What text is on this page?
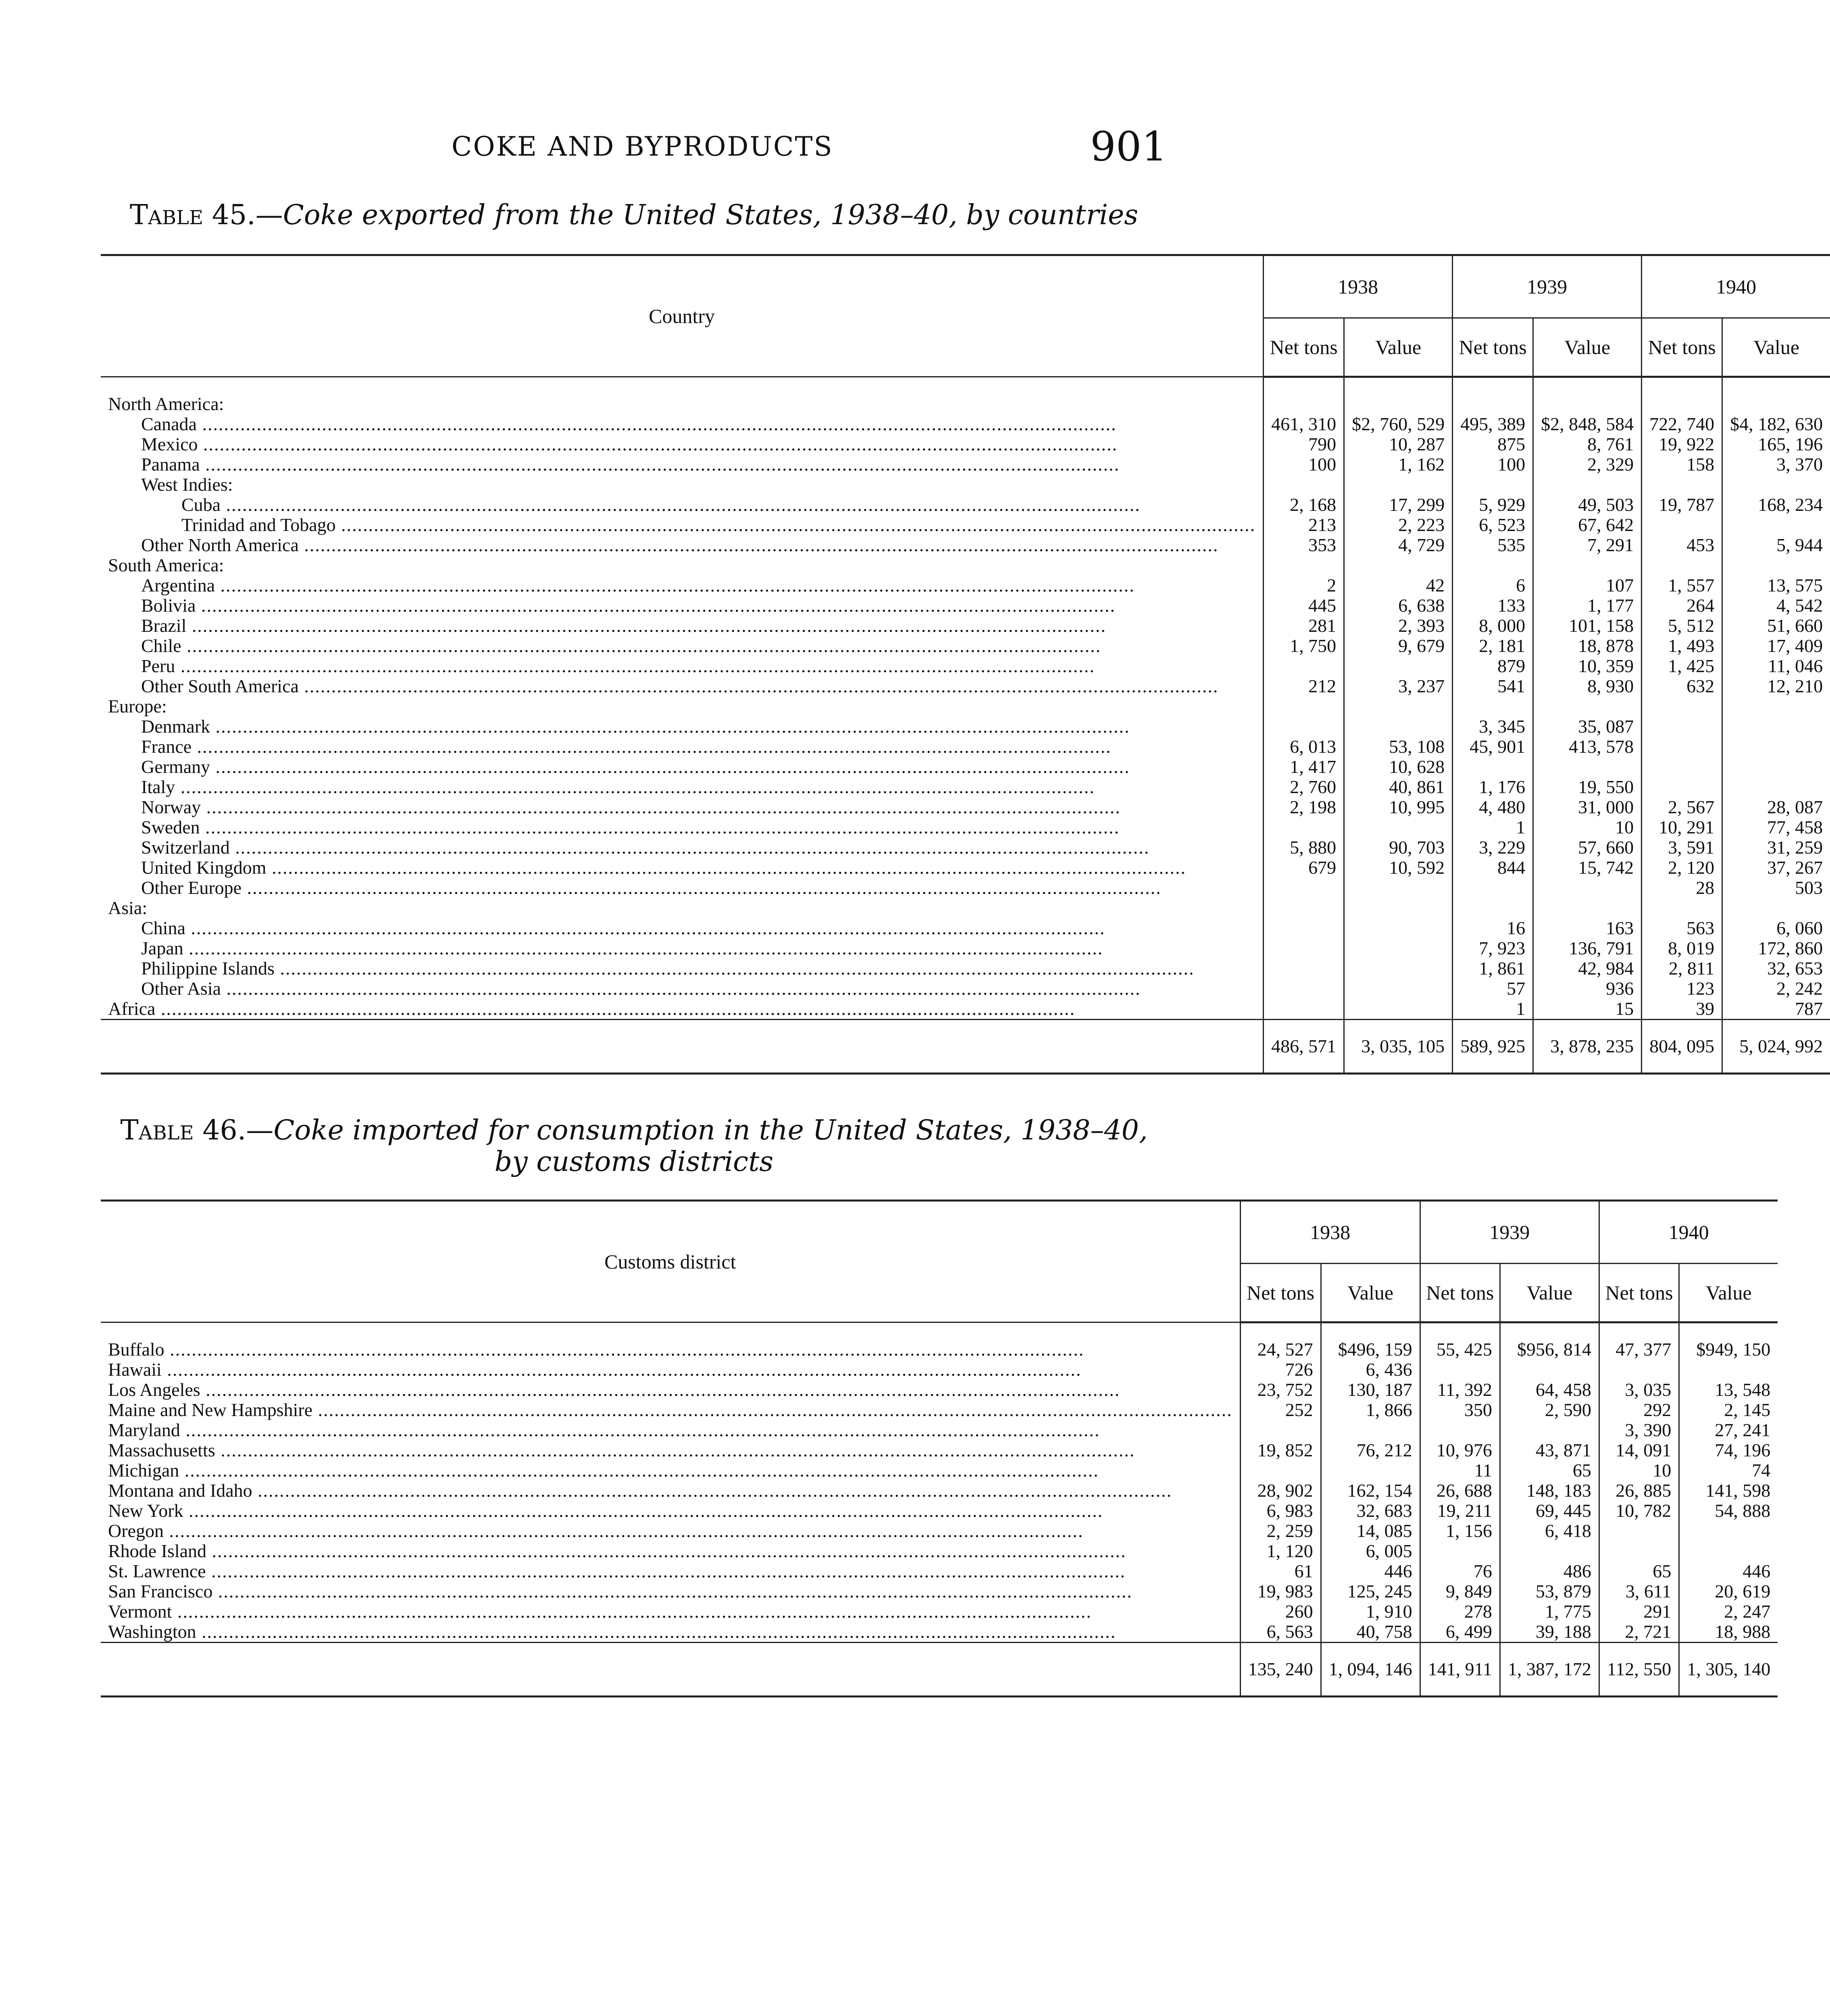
COKE AND BYPRODUCTS	901
Table 45.—Coke exported from the United States, 1938–40, by countries
Country	1938		1939		1940	
	Net tons	Value	Net tons	Value	Net tons	Value
North America:						
Canada .....	461, 310	$2, 760, 529	495, 389	$2, 848, 584	722, 740	$4, 182, 630
Mexico .....	790	10, 287	875	8, 761	19, 922	165, 196
Panama .....	100	1, 162	100	2, 329	158	3, 370
West Indies:						
Cuba .....	2, 168	17, 299	5, 929	49, 503	19, 787	168, 234
Trinidad and Tobago .....	213	2, 223	6, 523	67, 642		
Other North America .....	353	4, 729	535	7, 291	453	5, 944
South America:						
Argentina .....	2	42	6	107	1, 557	13, 575
Bolivia .....	445	6, 638	133	1, 177	264	4, 542
Brazil .....	281	2, 393	8, 000	101, 158	5, 512	51, 660
Chile .....	1, 750	9, 679	2, 181	18, 878	1, 493	17, 409
Peru .....			879	10, 359	1, 425	11, 046
Other South America .....	212	3, 237	541	8, 930	632	12, 210
Europe:						
Denmark .....			3, 345	35, 087		
France .....	6, 013	53, 108	45, 901	413, 578		
Germany .....	1, 417	10, 628				
Italy .....	2, 760	40, 861	1, 176	19, 550		
Norway .....	2, 198	10, 995	4, 480	31, 000	2, 567	28, 087
Sweden .....			1	10	10, 291	77, 458
Switzerland .....	5, 880	90, 703	3, 229	57, 660	3, 591	31, 259
United Kingdom .....	679	10, 592	844	15, 742	2, 120	37, 267
Other Europe .....					28	503
Asia:						
China .....			16	163	563	6, 060
Japan .....			7, 923	136, 791	8, 019	172, 860
Philippine Islands .....			1, 861	42, 984	2, 811	32, 653
Other Asia .....			57	936	123	2, 242
Africa .....			1	15	39	787
	486, 571	3, 035, 105	589, 925	3, 878, 235	804, 095	5, 024, 992
Table 46.—Coke imported for consumption in the United States, 1938–40, by customs districts
Customs district	1938		1939		1940	
	Net tons	Value	Net tons	Value	Net tons	Value
Buffalo .....	24, 527	$496, 159	55, 425	$956, 814	47, 377	$949, 150
Hawaii .....	726	6, 436				
Los Angeles .....	23, 752	130, 187	11, 392	64, 458	3, 035	13, 548
Maine and New Hampshire .....	252	1, 866	350	2, 590	292	2, 145
Maryland .....					3, 390	27, 241
Massachusetts .....	19, 852	76, 212	10, 976	43, 871	14, 091	74, 196
Michigan .....			11	65	10	74
Montana and Idaho .....	28, 902	162, 154	26, 688	148, 183	26, 885	141, 598
New York .....	6, 983	32, 683	19, 211	69, 445	10, 782	54, 888
Oregon .....	2, 259	14, 085	1, 156	6, 418		
Rhode Island .....	1, 120	6, 005				
St. Lawrence .....	61	446	76	486	65	446
San Francisco .....	19, 983	125, 245	9, 849	53, 879	3, 611	20, 619
Vermont .....	260	1, 910	278	1, 775	291	2, 247
Washington .....	6, 563	40, 758	6, 499	39, 188	2, 721	18, 988
	135, 240	1, 094, 146	141, 911	1, 387, 172	112, 550	1, 305, 140
